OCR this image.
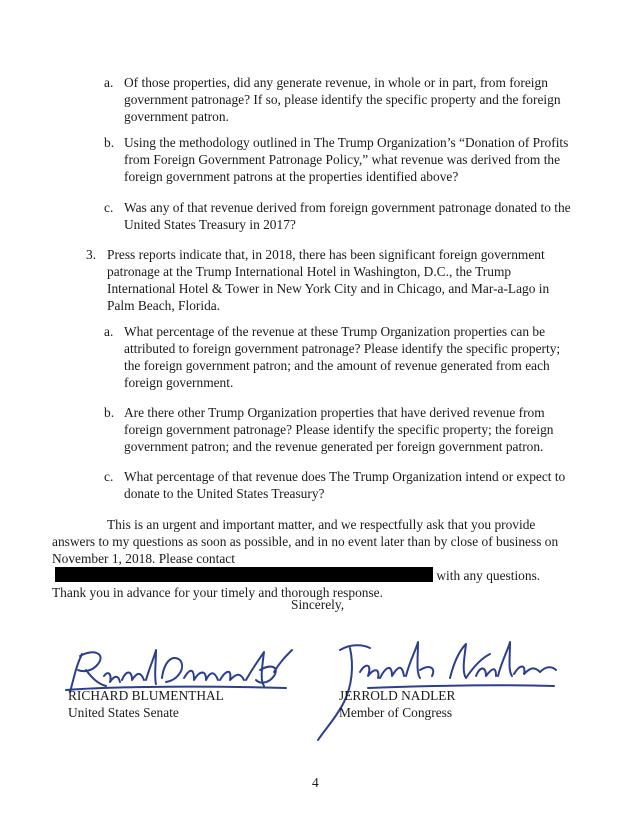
a. Of those properties, did any generate revenue, in whole or in part, from foreign government patronage? If so, please identify the specific property and the foreign government patron.

b. Using the methodology outlined in The Trump Organization’s “Donation of Profits from Foreign Government Patronage Policy,” what revenue was derived from the foreign government patrons at the properties identified above?

c. Was any of that revenue derived from foreign government patronage donated to the United States Treasury in 2017?

3. Press reports indicate that, in 2018, there has been significant foreign government patronage at the Trump International Hotel in Washington, D.C., the Trump International Hotel & Tower in New York City and in Chicago, and Mar-a-Lago in Palm Beach, Florida.

a. What percentage of the revenue at these Trump Organization properties can be attributed to foreign government patronage? Please identify the specific property; the foreign government patron; and the amount of revenue generated from each foreign government.

b. Are there other Trump Organization properties that have derived revenue from foreign government patronage? Please identify the specific property; the foreign government patron; and the revenue generated per foreign government patron.

c. What percentage of that revenue does The Trump Organization intend or expect to donate to the United States Treasury?

This is an urgent and important matter, and we respectfully ask that you provide answers to my questions as soon as possible, and in no event later than by close of business on November 1, 2018. Please contact with any questions. Thank you in advance for your timely and thorough response.

Sincerely,
RICHARD BLUMENTHAL
United States Senate
JERROLD NADLER
Member of Congress
4
